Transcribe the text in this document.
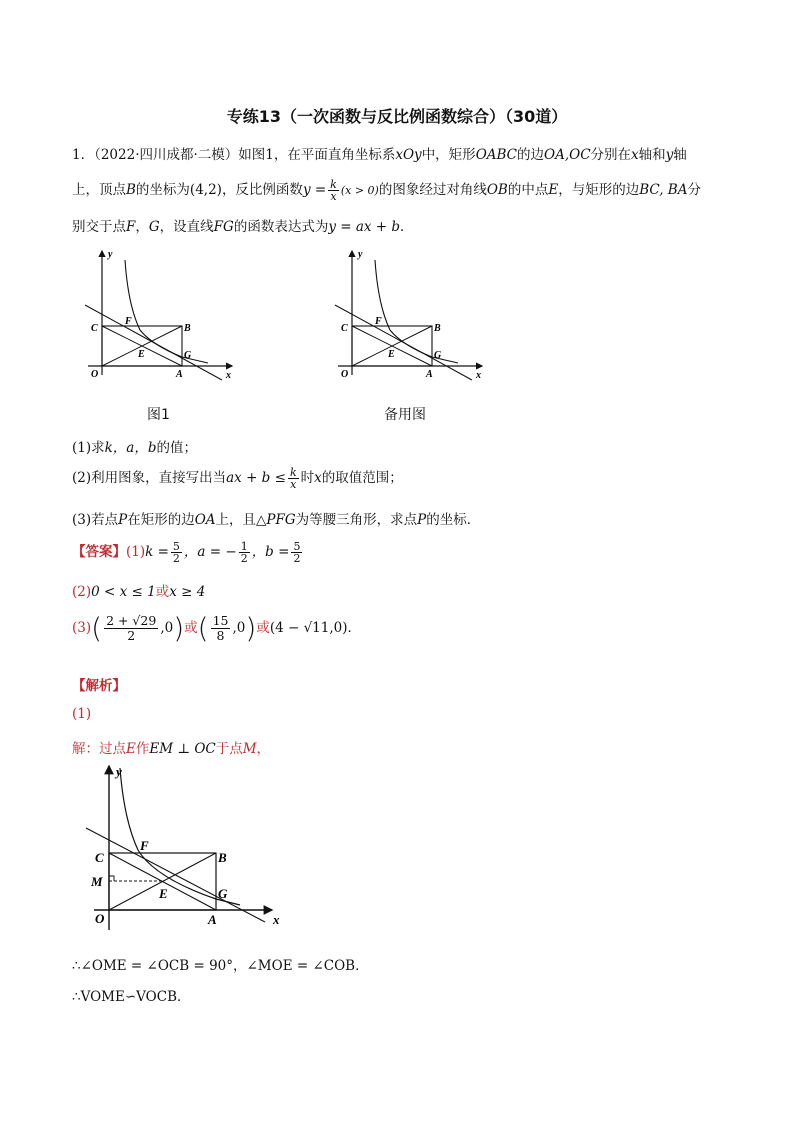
专练13（一次函数与反比例函数综合）（30道）
1．（2022·四川成都·二模）如图1，在平面直角坐标系xOy中，矩形OABC的边OA,OC分别在x轴和y轴
上，顶点B的坐标为(4,2)，反比例函数$y = \frac{k}{x} (x > 0)$的图象经过对角线OB的中点E，与矩形的边BC, BA分
别交于点F，G，设直线FG的函数表达式为y = ax + b．
y
x
O	A
B
C
E
F
G
图1
y
x
O	A
B
C
E
F
G
备用图
(1)求k，a，b的值；
(2)利用图象，直接写出当ax + $b \le \frac{k}{x}$ 时x的取值范围；
(3)若点P在矩形的边OA上，且△PFG为等腰三角形，求点P的坐标．
【答案】$(1)k = \frac{5}{2}$ ，a = − $\frac{1}{2}$ ，$b = \frac{5}{2}$
(2)0 < x ≤ 1或x ≥ 4
$(3)( \frac{2 + √29}{2} ,0)$或( $\frac{15}{8} ,0$)或(4 − √11,0)．
【解析】
(1)
解：过点E作EM ⊥ OC于点M，
y
x
O	A
B
C
E
F
G
M
∴∠OME = ∠OCB = 90°，∠MOE = ∠COB．
∴VOME∽VOCB．
